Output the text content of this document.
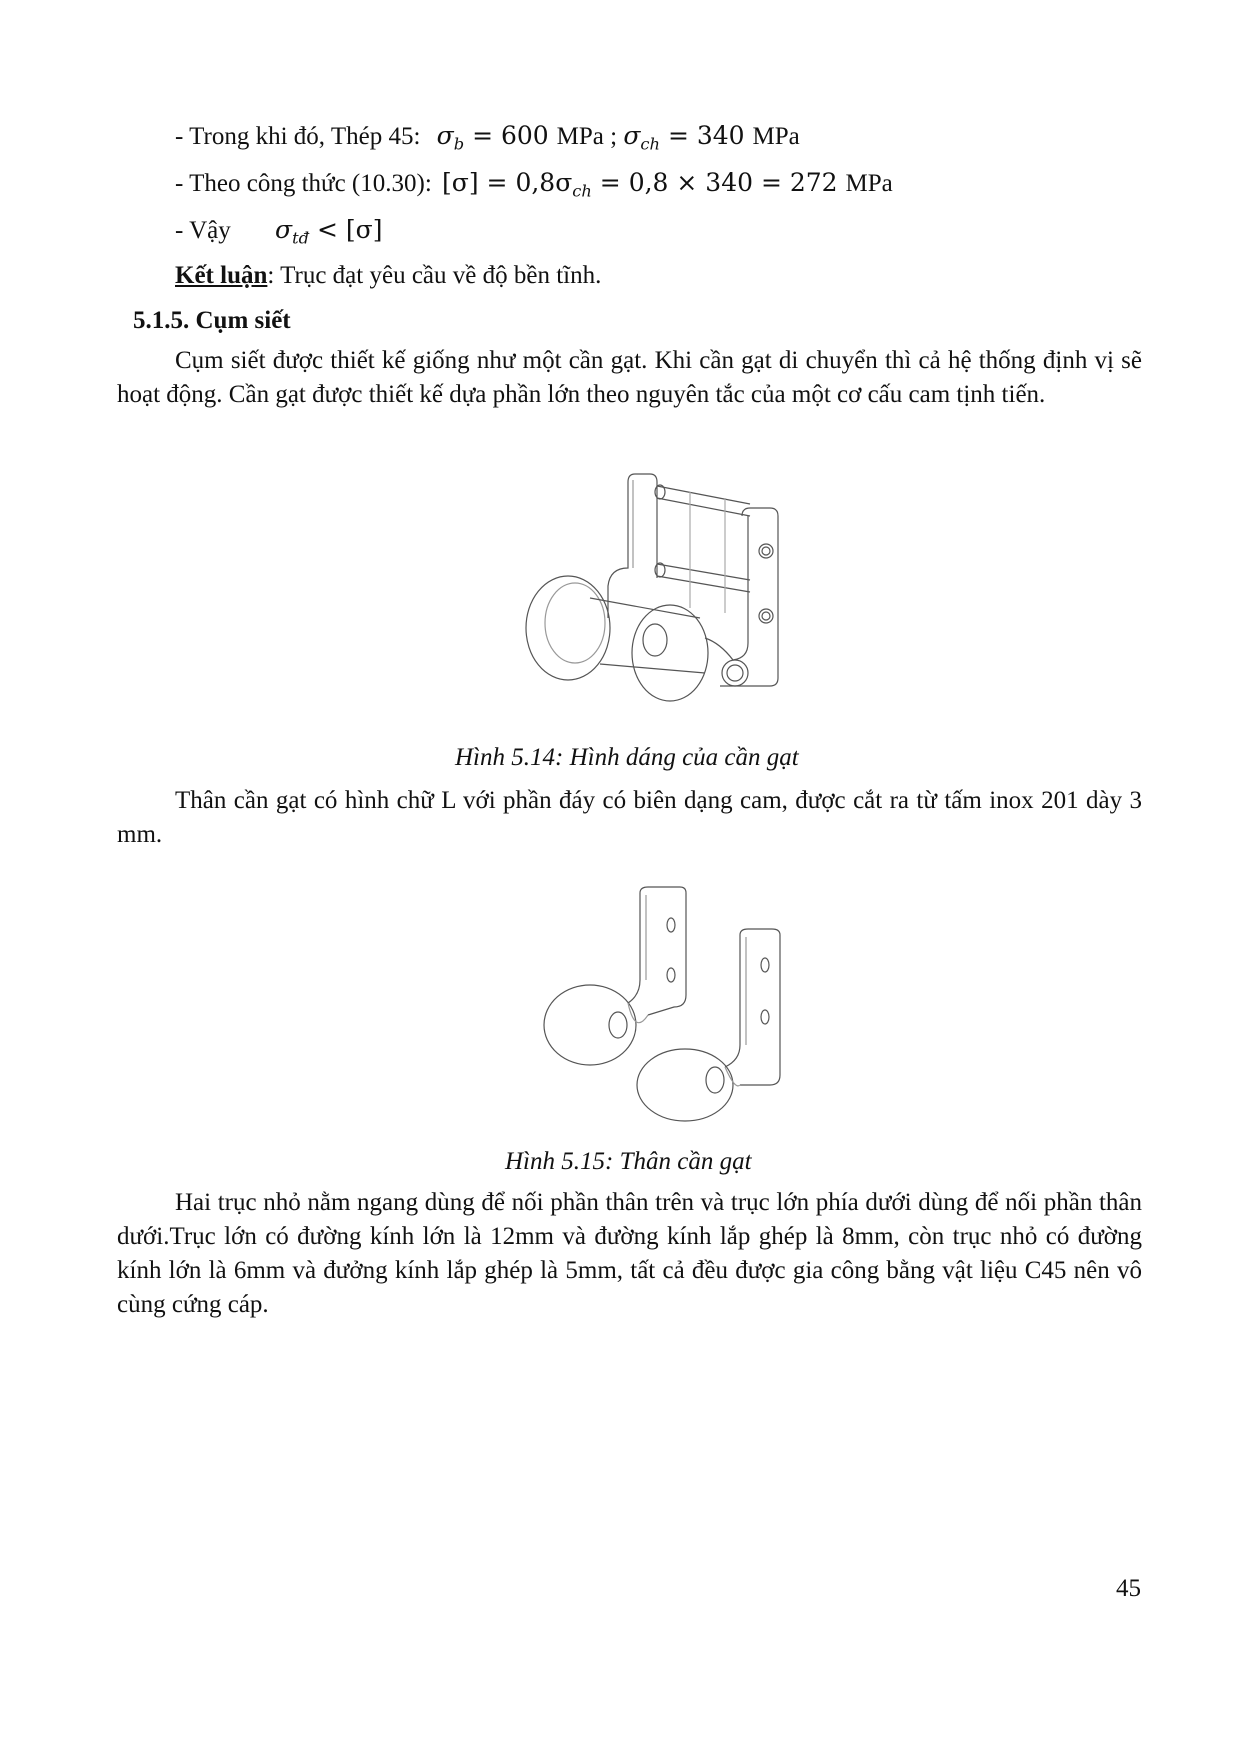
- Trong khi đó, Thép 45: $\sigma_b = 600$ MPa ; $\sigma_{ch} = 340$ MPa
- Theo công thức (10.30): $[\sigma] = 0,8\sigma_{ch} = 0,8 \times 340 = 272$ MPa
- Vậy $\sigma_{tđ} < [\sigma]$
Kết luận: Trục đạt yêu cầu về độ bền tĩnh.
5.1.5. Cụm siết
Cụm siết được thiết kế giống như một cần gạt. Khi cần gạt di chuyển thì cả hệ thống định vị sẽ hoạt động. Cần gạt được thiết kế dựa phần lớn theo nguyên tắc của một cơ cấu cam tịnh tiến.
Hình 5.14: Hình dáng của cần gạt
Thân cần gạt có hình chữ L với phần đáy có biên dạng cam, được cắt ra từ tấm inox 201 dày 3 mm.
Hình 5.15: Thân cần gạt
Hai trục nhỏ nằm ngang dùng để nối phần thân trên và trục lớn phía dưới dùng để nối phần thân dưới.Trục lớn có đường kính lớn là 12mm và đường kính lắp ghép là 8mm, còn trục nhỏ có đường kính lớn là 6mm và đưởng kính lắp ghép là 5mm, tất cả đều được gia công bằng vật liệu C45 nên vô cùng cứng cáp.
45
